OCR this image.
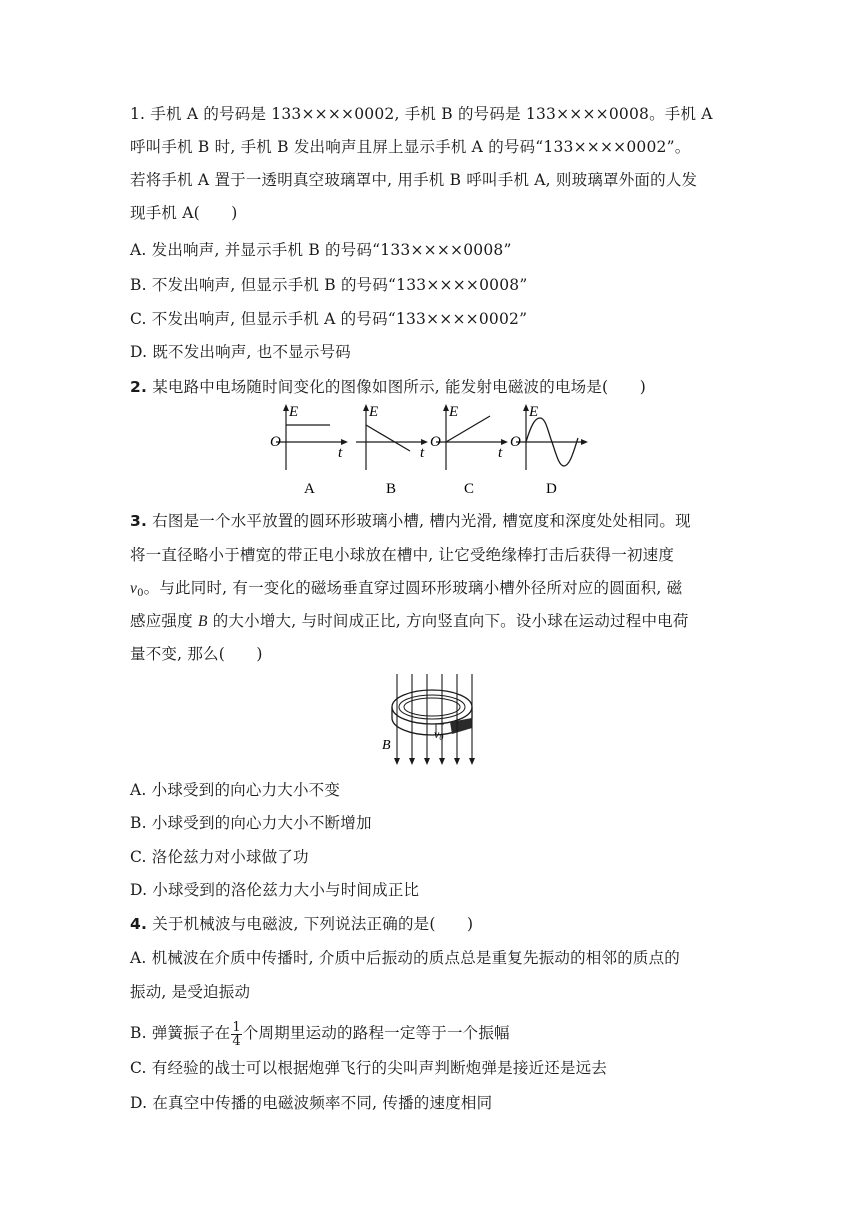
1. 手机 A 的号码是 133××××0002, 手机 B 的号码是 133××××0008。手机 A
呼叫手机 B 时, 手机 B 发出响声且屏上显示手机 A 的号码“133××××0002”。
若将手机 A 置于一透明真空玻璃罩中, 用手机 B 呼叫手机 A, 则玻璃罩外面的人发
现手机 A(　　)
A. 发出响声, 并显示手机 B 的号码“133××××0008”
B. 不发出响声, 但显示手机 B 的号码“133××××0008”
C. 不发出响声, 但显示手机 A 的号码“133××××0002”
D. 既不发出响声, 也不显示号码
2. 某电路中电场随时间变化的图像如图所示, 能发射电磁波的电场是(　　)
E
O
t
A
E
t
B
E
O
t
C
E
O
D
3. 右图是一个水平放置的圆环形玻璃小槽, 槽内光滑, 槽宽度和深度处处相同。现
将一直径略小于槽宽的带正电小球放在槽中, 让它受绝缘棒打击后获得一初速度
$v_0$。与此同时, 有一变化的磁场垂直穿过圆环形玻璃小槽外径所对应的圆面积, 磁
感应强度 B 的大小增大, 与时间成正比, 方向竖直向下。设小球在运动过程中电荷
量不变, 那么(　　)
v0
B
A. 小球受到的向心力大小不变
B. 小球受到的向心力大小不断增加
C. 洛伦兹力对小球做了功
D. 小球受到的洛伦兹力大小与时间成正比
4. 关于机械波与电磁波, 下列说法正确的是(　　)
A. 机械波在介质中传播时, 介质中后振动的质点总是重复先振动的相邻的质点的
振动, 是受迫振动
B. 弹簧振子在 $\frac{1}{4}$ 个周期里运动的路程一定等于一个振幅
C. 有经验的战士可以根据炮弹飞行的尖叫声判断炮弹是接近还是远去
D. 在真空中传播的电磁波频率不同, 传播的速度相同
